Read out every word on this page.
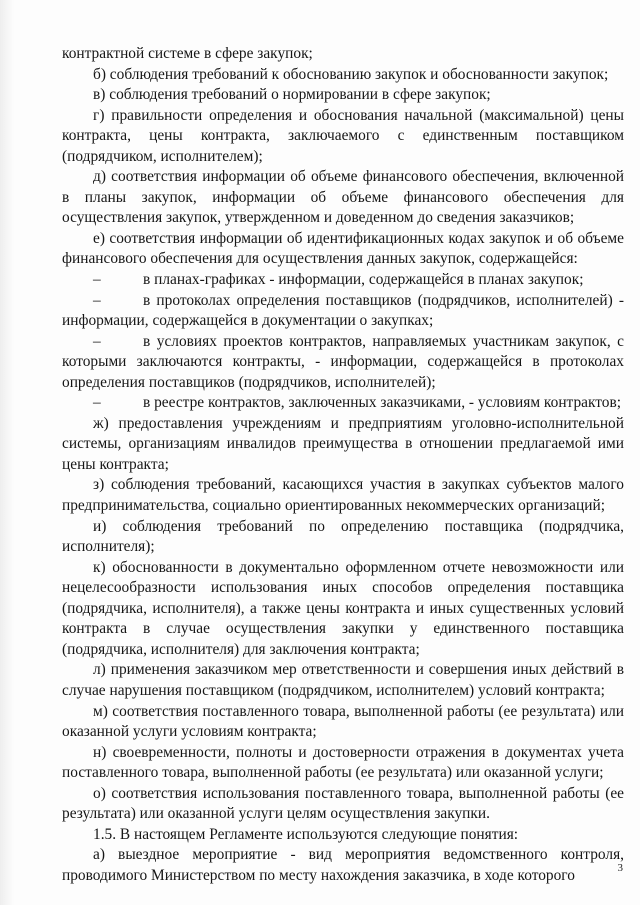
контрактной системе в сфере закупок;

б) соблюдения требований к обоснованию закупок и обоснованности закупок;

в) соблюдения требований о нормировании в сфере закупок;

г) правильности определения и обоснования начальной (максимальной) цены контракта, цены контракта, заключаемого с единственным поставщиком (подрядчиком, исполнителем);

д) соответствия информации об объеме финансового обеспечения, включенной в планы закупок, информации об объеме финансового обеспечения для осуществления закупок, утвержденном и доведенном до сведения заказчиков;

е) соответствия информации об идентификационных кодах закупок и об объеме финансового обеспечения для осуществления данных закупок, содержащейся:

–	в планах-графиках - информации, содержащейся в планах закупок;

–	в протоколах определения поставщиков (подрядчиков, исполнителей) - информации, содержащейся в документации о закупках;

–	в условиях проектов контрактов, направляемых участникам закупок, с которыми заключаются контракты, - информации, содержащейся в протоколах определения поставщиков (подрядчиков, исполнителей);

–	в реестре контрактов, заключенных заказчиками, - условиям контрактов;

ж) предоставления учреждениям и предприятиям уголовно-исполнительной системы, организациям инвалидов преимущества в отношении предлагаемой ими цены контракта;

з) соблюдения требований, касающихся участия в закупках субъектов малого предпринимательства, социально ориентированных некоммерческих организаций;

и) соблюдения требований по определению поставщика (подрядчика, исполнителя);

к) обоснованности в документально оформленном отчете невозможности или нецелесообразности использования иных способов определения поставщика (подрядчика, исполнителя), а также цены контракта и иных существенных условий контракта в случае осуществления закупки у единственного поставщика (подрядчика, исполнителя) для заключения контракта;

л) применения заказчиком мер ответственности и совершения иных действий в случае нарушения поставщиком (подрядчиком, исполнителем) условий контракта;

м) соответствия поставленного товара, выполненной работы (ее результата) или оказанной услуги условиям контракта;

н) своевременности, полноты и достоверности отражения в документах учета поставленного товара, выполненной работы (ее результата) или оказанной услуги;

о) соответствия использования поставленного товара, выполненной работы (ее результата) или оказанной услуги целям осуществления закупки.

1.5. В настоящем Регламенте используются следующие понятия:

а) выездное мероприятие - вид мероприятия ведомственного контроля, проводимого Министерством по месту нахождения заказчика, в ходе которого	3
